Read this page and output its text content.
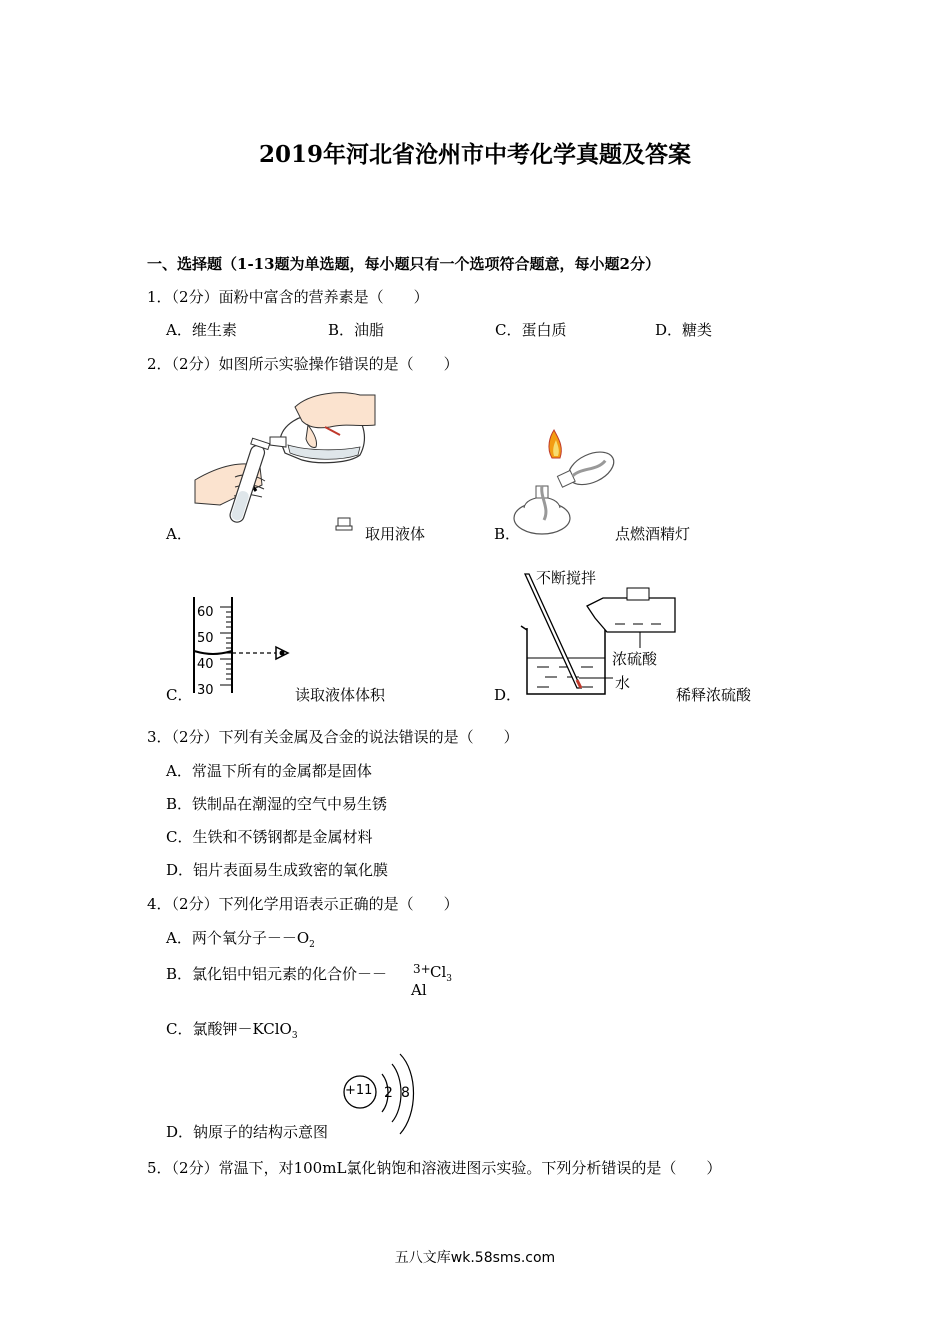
2019年河北省沧州市中考化学真题及答案
一、选择题（1-13题为单选题，每小题只有一个选项符合题意，每小题2分）
1．（2分）面粉中富含的营养素是（　　）
A．维生素	B．油脂	C．蛋白质	D．糖类
2．（2分）如图所示实验操作错误的是（　　）
A．	取用液体	B．	点燃酒精灯
60
50
40
30
C．	读取液体体积
不断搅拌
浓硫酸
水
D．	稀释浓硫酸
3．（2分）下列有关金属及合金的说法错误的是（　　）
A．常温下所有的金属都是固体
B．铁制品在潮湿的空气中易生锈
C．生铁和不锈钢都是金属材料
D．铝片表面易生成致密的氧化膜
4．（2分）下列化学用语表示正确的是（　　）
A．两个氧分子$--O_2$
B．氯化铝中铝元素的化合价－－ 3+
Al
$Cl_3$
C．氯酸钾－KClO$_3$
+11 2 8
D．钠原子的结构示意图
5．（2分）常温下，对100mL氯化钠饱和溶液进图示实验。下列分析错误的是（　　）
五八文库wk.58sms.com
